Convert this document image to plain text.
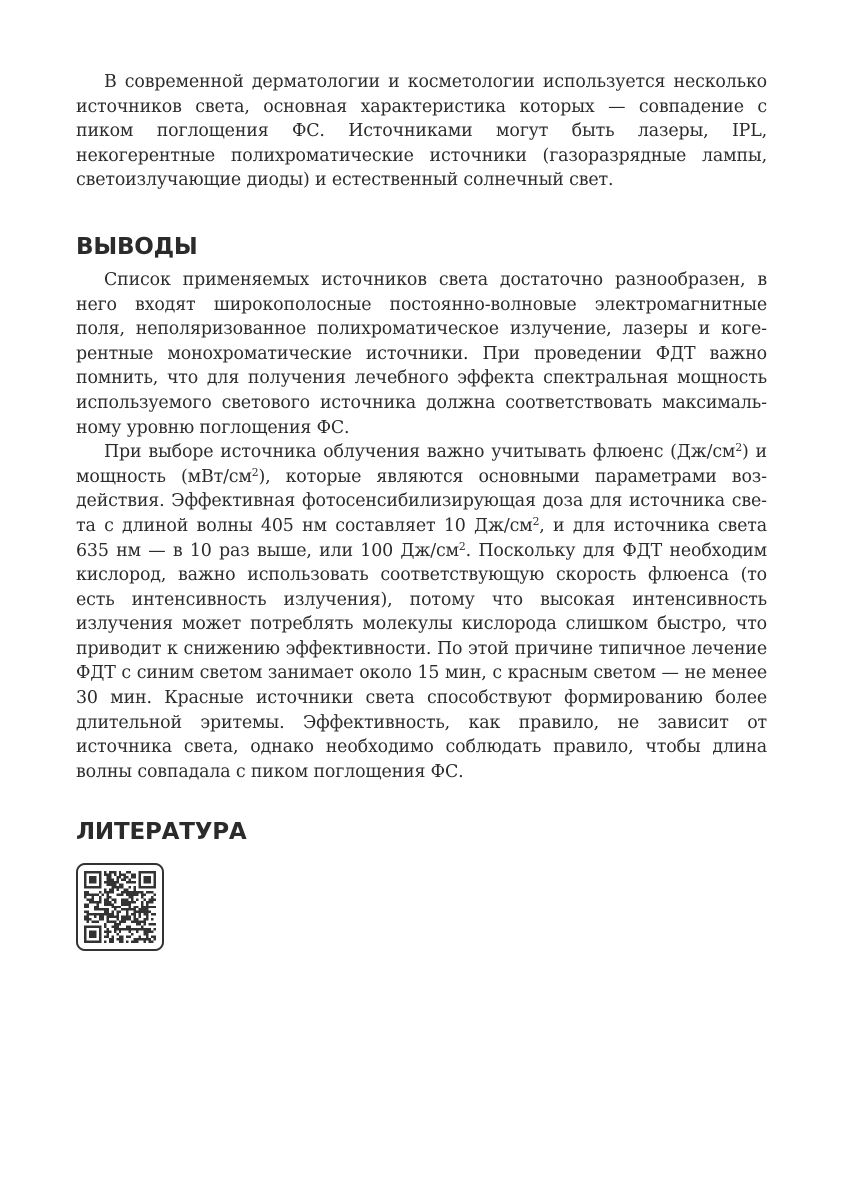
В современной дерматологии и косметологии используется несколько источников света, основная характеристика которых — совпадение с пиком поглощения ФС. Источниками могут быть лазеры, IPL, некогерентные полихроматические источники (газоразрядные лампы, светоизлучающие диоды) и естественный солнечный свет.

ВЫВОДЫ

Список применяемых источников света достаточно разнообразен, в него входят широкополосные постоянно-волновые электромагнитные поля, неполяризованное полихроматическое излучение, лазеры и когерентные монохроматические источники. При проведении ФДТ важно помнить, что для получения лечебного эффекта спектральная мощность используемого светового источника должна соответствовать максимальному уровню поглощения ФС.

При выборе источника облучения важно учитывать флюенс $(Дж/см^2)$ и мощность $(мВт/см^2)$, которые являются основными параметрами воздействия. Эффективная фотосенсибилизирующая доза для источника света с длиной волны 405 нм составляет 10 $Дж/см^2$, и для источника света 635 нм — в 10 раз выше, или 100 $Дж/см^2$. Поскольку для ФДТ необходим кислород, важно использовать соответствующую скорость флюенса (то есть интенсивность излучения), потому что высокая интенсивность излучения может потреблять молекулы кислорода слишком быстро, что приводит к снижению эффективности. По этой причине типичное лечение ФДТ с синим светом занимает около 15 мин, с красным светом — не менее 30 мин. Красные источники света способствуют формированию более длительной эритемы. Эффективность, как правило, не зависит от источника света, однако необходимо соблюдать правило, чтобы длина волны совпадала с пиком поглощения ФС.

ЛИТЕРАТУРА
